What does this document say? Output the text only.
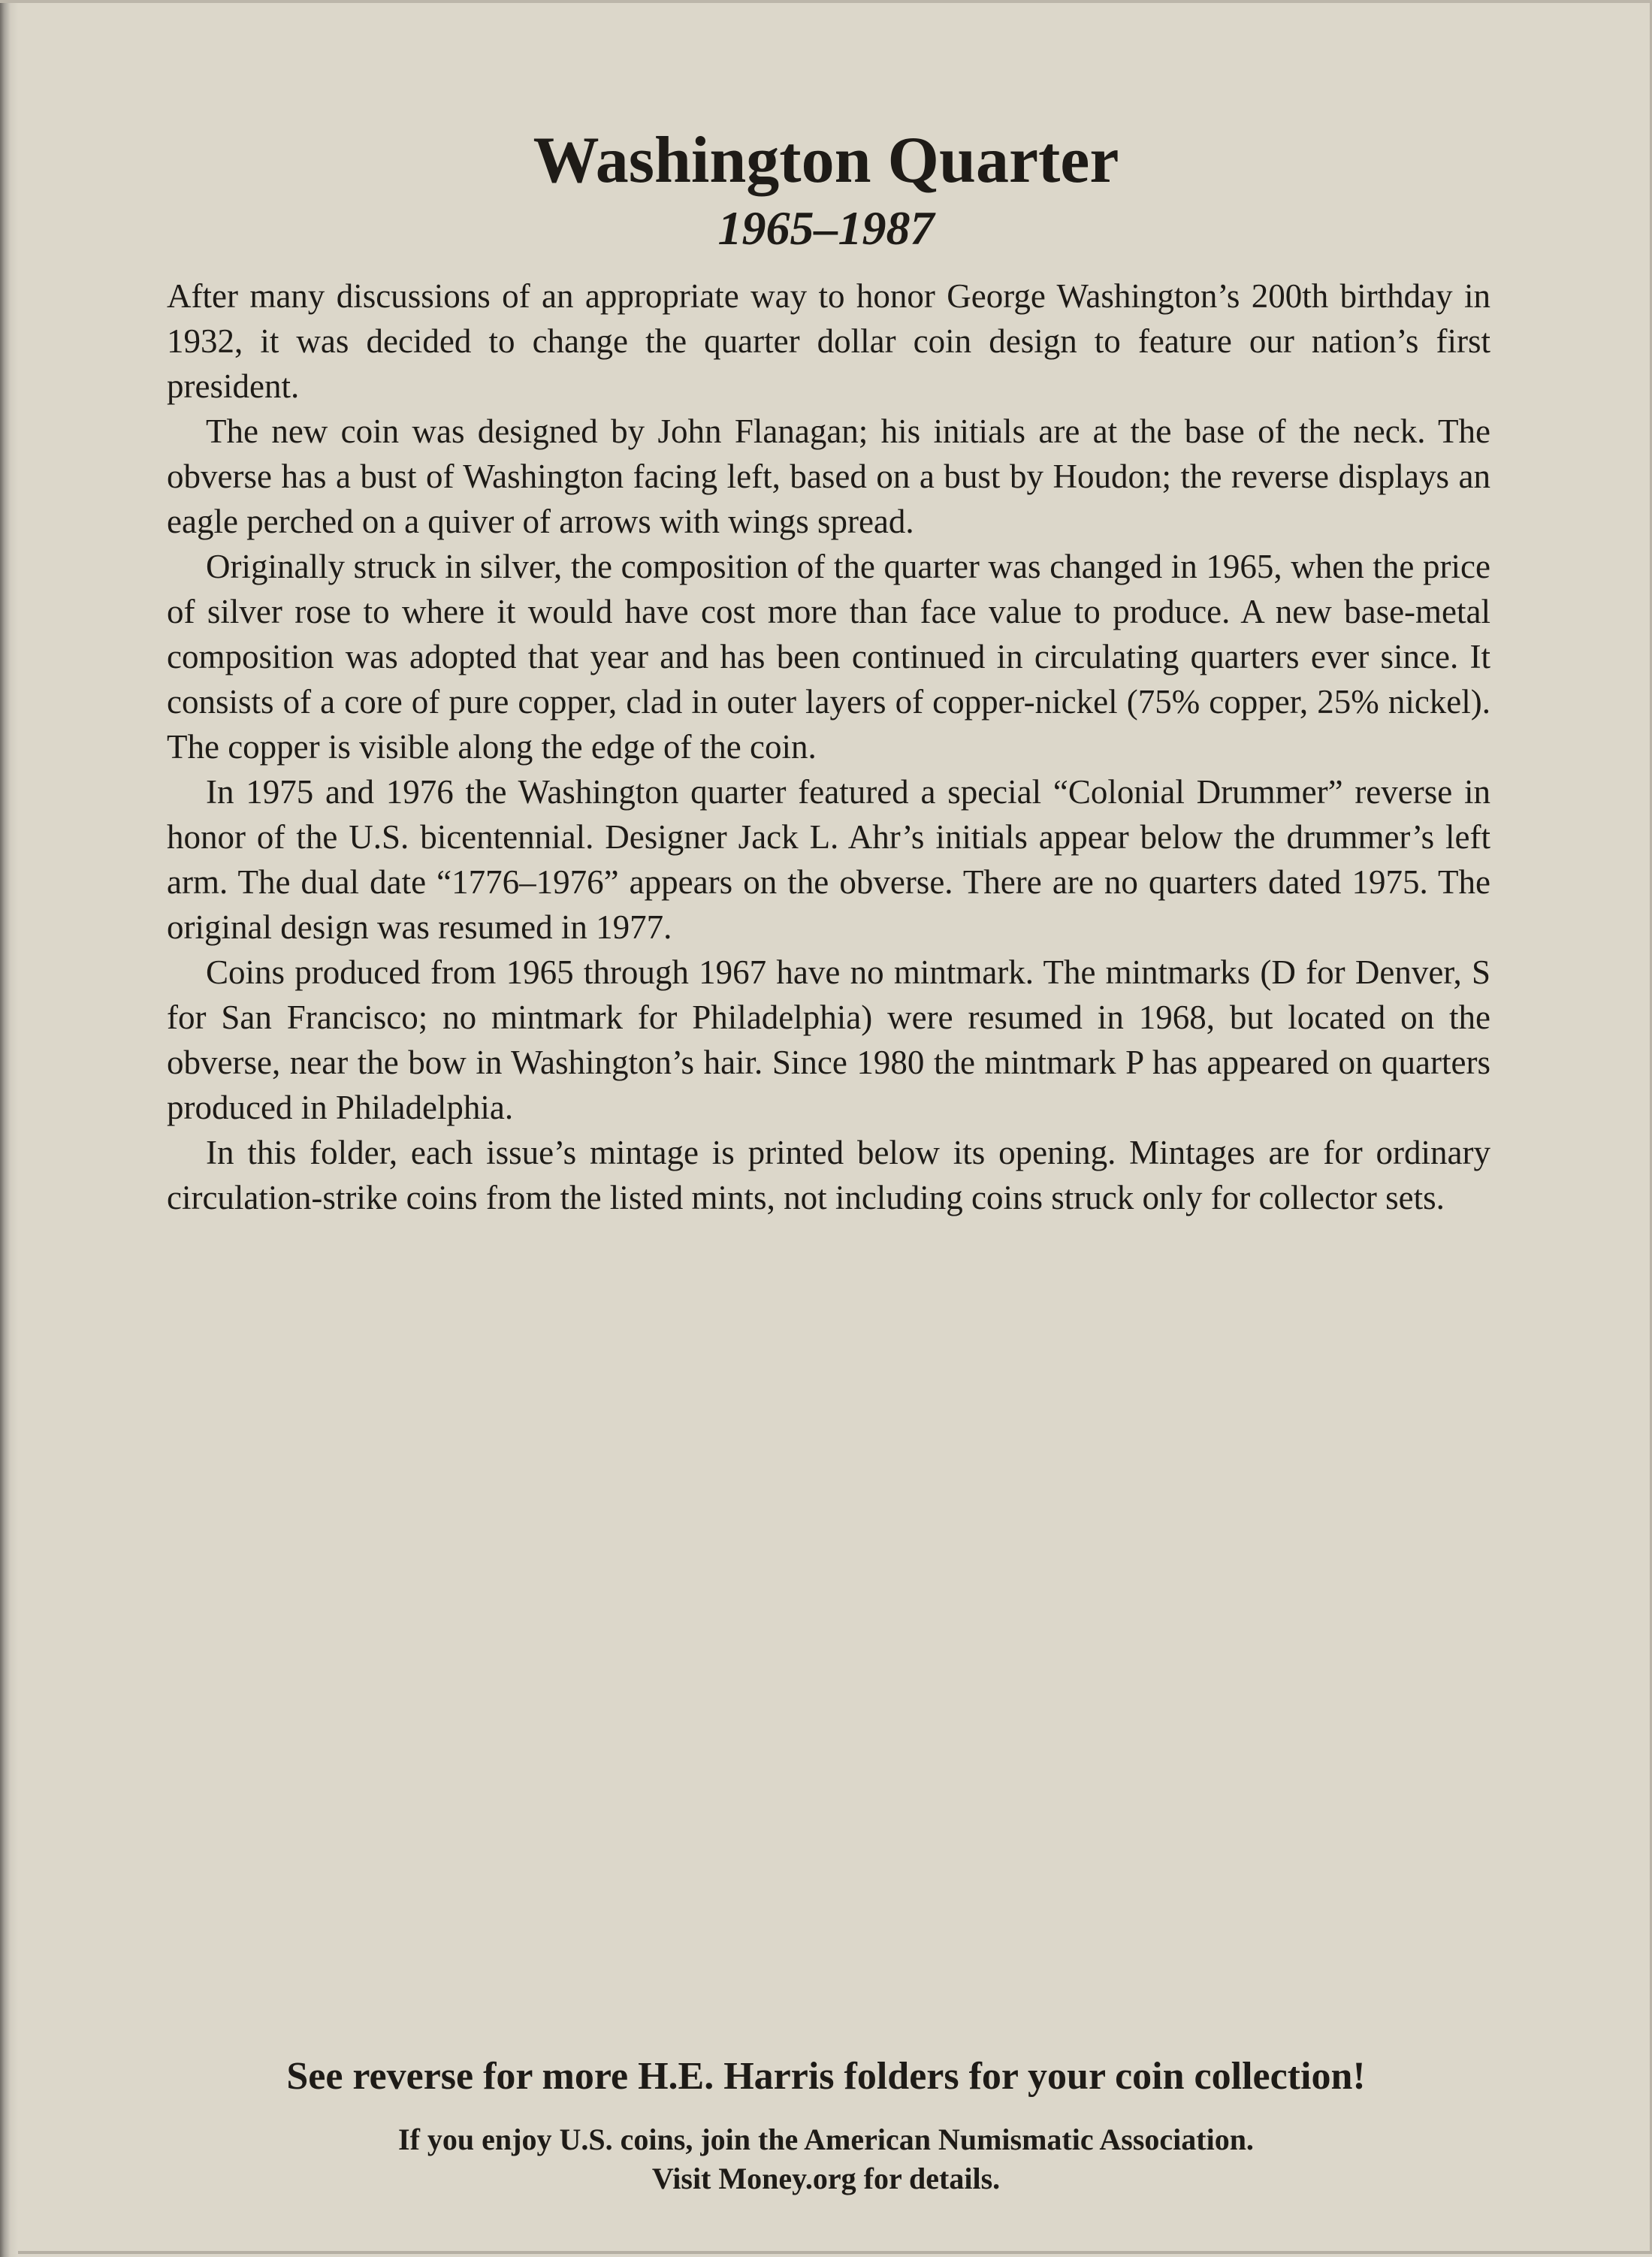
Washington Quarter
1965–1987

After many discussions of an appropriate way to honor George Washington’s 200th birthday in 1932, it was decided to change the quarter dollar coin design to feature our nation’s first president.

The new coin was designed by John Flanagan; his initials are at the base of the neck. The obverse has a bust of Washington facing left, based on a bust by Houdon; the reverse displays an eagle perched on a quiver of arrows with wings spread.

Originally struck in silver, the composition of the quarter was changed in 1965, when the price of silver rose to where it would have cost more than face value to produce. A new base-metal composition was adopted that year and has been continued in circulating quarters ever since. It consists of a core of pure copper, clad in outer layers of copper-nickel (75% copper, 25% nickel). The copper is visible along the edge of the coin.

In 1975 and 1976 the Washington quarter featured a special “Colonial Drummer” reverse in honor of the U.S. bicentennial. Designer Jack L. Ahr’s initials appear below the drummer’s left arm. The dual date “1776–1976” appears on the obverse. There are no quarters dated 1975. The original design was resumed in 1977.

Coins produced from 1965 through 1967 have no mintmark. The mintmarks (D for Denver, S for San Francisco; no mintmark for Philadelphia) were resumed in 1968, but located on the obverse, near the bow in Washington’s hair. Since 1980 the mintmark P has appeared on quarters produced in Philadelphia.

In this folder, each issue’s mintage is printed below its opening. Mintages are for ordinary circulation-strike coins from the listed mints, not including coins struck only for collector sets.

See reverse for more H.E. Harris folders for your coin collection!
If you enjoy U.S. coins, join the American Numismatic Association.
Visit Money.org for details.
